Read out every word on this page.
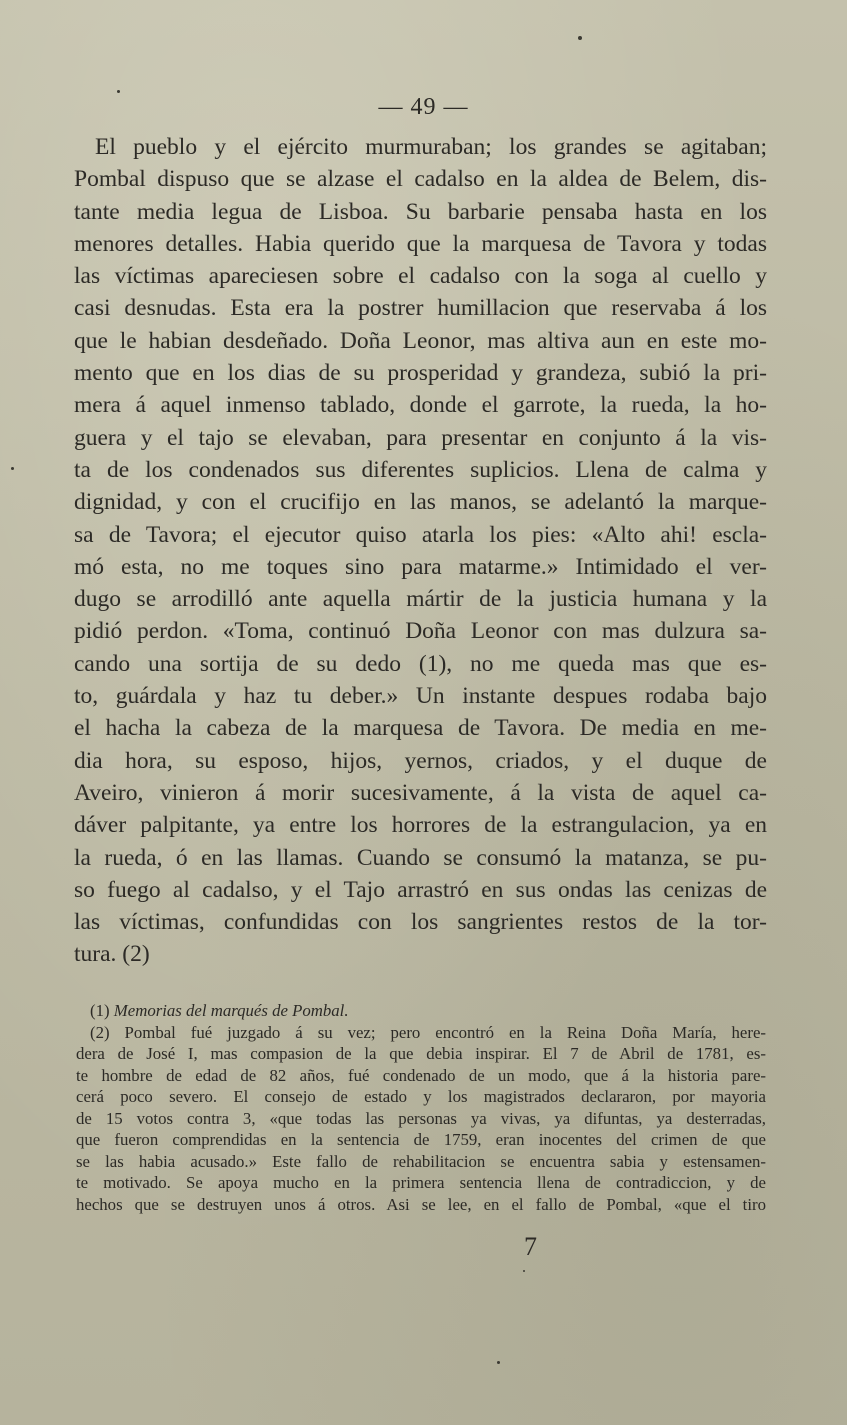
— 49 —
El pueblo y el ejército murmuraban; los grandes se agitaban;
Pombal dispuso que se alzase el cadalso en la aldea de Belem, dis-
tante media legua de Lisboa. Su barbarie pensaba hasta en los
menores detalles. Habia querido que la marquesa de Tavora y todas
las víctimas apareciesen sobre el cadalso con la soga al cuello y
casi desnudas. Esta era la postrer humillacion que reservaba á los
que le habian desdeñado. Doña Leonor, mas altiva aun en este mo-
mento que en los dias de su prosperidad y grandeza, subió la pri-
mera á aquel inmenso tablado, donde el garrote, la rueda, la ho-
guera y el tajo se elevaban, para presentar en conjunto á la vis-
ta de los condenados sus diferentes suplicios. Llena de calma y
dignidad, y con el crucifijo en las manos, se adelantó la marque-
sa de Tavora; el ejecutor quiso atarla los pies: «Alto ahi! escla-
mó esta, no me toques sino para matarme.» Intimidado el ver-
dugo se arrodilló ante aquella mártir de la justicia humana y la
pidió perdon. «Toma, continuó Doña Leonor con mas dulzura sa-
cando una sortija de su dedo (1), no me queda mas que es-
to, guárdala y haz tu deber.» Un instante despues rodaba bajo
el hacha la cabeza de la marquesa de Tavora. De media en me-
dia hora, su esposo, hijos, yernos, criados, y el duque de
Aveiro, vinieron á morir sucesivamente, á la vista de aquel ca-
dáver palpitante, ya entre los horrores de la estrangulacion, ya en
la rueda, ó en las llamas. Cuando se consumó la matanza, se pu-
so fuego al cadalso, y el Tajo arrastró en sus ondas las cenizas de
las víctimas, confundidas con los sangrientes restos de la tor-
tura. (2)
(1) Memorias del marqués de Pombal.
(2) Pombal fué juzgado á su vez; pero encontró en la Reina Doña María, here-
dera de José I, mas compasion de la que debia inspirar. El 7 de Abril de 1781, es-
te hombre de edad de 82 años, fué condenado de un modo, que á la historia pare-
cerá poco severo. El consejo de estado y los magistrados declararon, por mayoria
de 15 votos contra 3, «que todas las personas ya vivas, ya difuntas, ya desterradas,
que fueron comprendidas en la sentencia de 1759, eran inocentes del crimen de que
se las habia acusado.» Este fallo de rehabilitacion se encuentra sabia y estensamen-
te motivado. Se apoya mucho en la primera sentencia llena de contradiccion, y de
hechos que se destruyen unos á otros. Asi se lee, en el fallo de Pombal, «que el tiro
7
